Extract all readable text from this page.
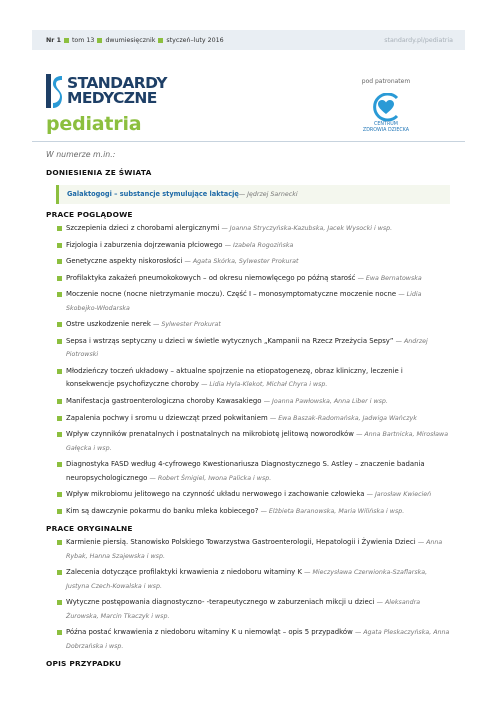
Nr 1 tom 13 dwumiesięcznik styczeń–luty 2016	standardy.pl/pediatria
STANDARDY
MEDYCZNE
pediatria
pod patronatem
CENTRUM
ZDROWIA DZIECKA
W numerze m.in.:
DONIESIENIA ZE ŚWIATA
Galaktogogi – substancje stymulujące laktację— Jędrzej Sarnecki
PRACE POGLĄDOWE
Szczepienia dzieci z chorobami alergicznymi — Joanna Stryczyńska-Kazubska, Jacek Wysocki i wsp.
Fizjologia i zaburzenia dojrzewania płciowego — Izabela Rogozińska
Genetyczne aspekty niskorosłości — Agata Skórka, Sylwester Prokurat
Profilaktyka zakażeń pneumokokowych – od okresu niemowlęcego po późną starość — Ewa Bernatowska
Moczenie nocne (nocne nietrzymanie moczu). Część I – monosymptomatyczne moczenie nocne — Lidia Skobejko-Włodarska
Ostre uszkodzenie nerek — Sylwester Prokurat
Sepsa i wstrząs septyczny u dzieci w świetle wytycznych „Kampanii na Rzecz Przeżycia Sepsy” — Andrzej Piotrowski
Młodzieńczy toczeń układowy – aktualne spojrzenie na etiopatogenezę, obraz kliniczny, leczenie i konsekwencje psychofizyczne choroby — Lidia Hyla-Klekot, Michał Chyra i wsp.
Manifestacja gastroenterologiczna choroby Kawasakiego — Joanna Pawłowska, Anna Liber i wsp.
Zapalenia pochwy i sromu u dziewcząt przed pokwitaniem — Ewa Baszak-Radomańska, Jadwiga Wańczyk
Wpływ czynników prenatalnych i postnatalnych na mikrobiotę jelitową noworodków — Anna Bartnicka, Mirosława Gałęcka i wsp.
Diagnostyka FASD według 4-cyfrowego Kwestionariusza Diagnostycznego S. Astley – znaczenie badania neuropsychologicznego — Robert Śmigiel, Iwona Palicka i wsp.
Wpływ mikrobiomu jelitowego na czynność układu nerwowego i zachowanie człowieka — Jarosław Kwiecień
Kim są dawczynie pokarmu do banku mleka kobiecego? — Elżbieta Baranowska, Maria Wilińska i wsp.
PRACE ORYGINALNE
Karmienie piersią. Stanowisko Polskiego Towarzystwa Gastroenterologii, Hepatologii i Żywienia Dzieci — Anna Rybak, Hanna Szajewska i wsp.
Zalecenia dotyczące profilaktyki krwawienia z niedoboru witaminy K — Mieczysława Czerwionka-Szaflarska, Justyna Czech-Kowalska i wsp.
Wytyczne postępowania diagnostyczno- -terapeutycznego w zaburzeniach mikcji u dzieci — Aleksandra Żurowska, Marcin Tkaczyk i wsp.
Późna postać krwawienia z niedoboru witaminy K u niemowląt – opis 5 przypadków — Agata Pleskaczyńska, Anna Dobrzańska i wsp.
OPIS PRZYPADKU
